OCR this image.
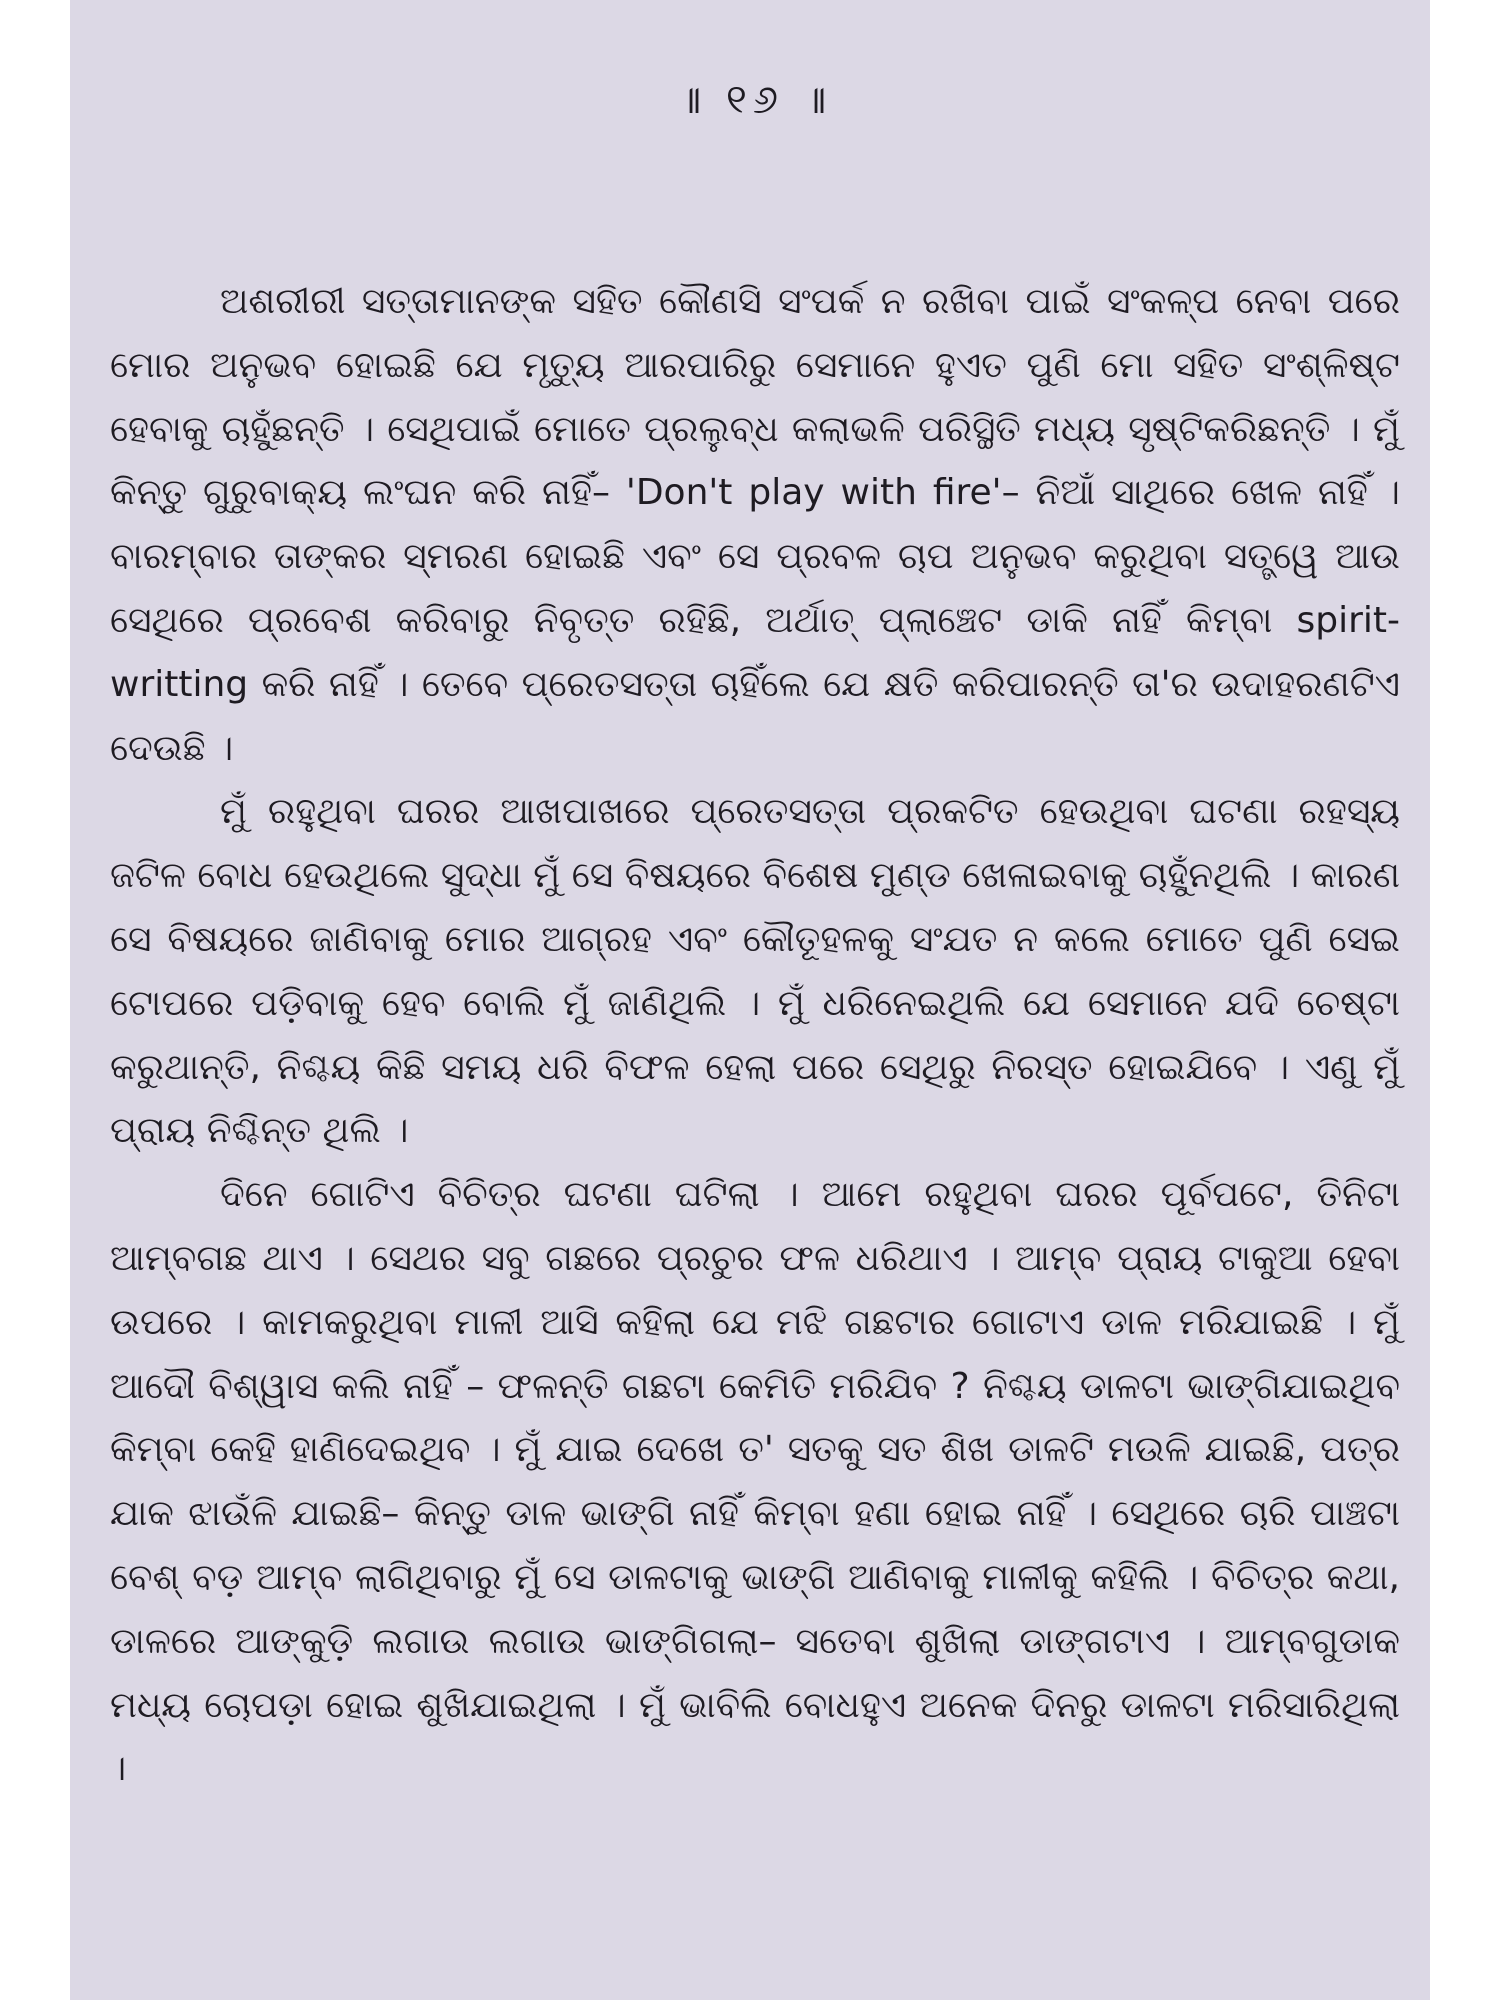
॥ ୧୬ ॥

ଅଶରୀରୀ ସତ୍ତାମାନଙ୍କ ସହିତ କୌଣସି ସଂପର୍କ ନ ରଖିବା ପାଇଁ ସଂକଳ୍ପ ନେବା ପରେ ମୋର ଅନୁଭବ ହୋଇଛି ଯେ ମୃତ୍ୟୁ ଆରପାରିରୁ ସେମାନେ ହୁଏତ ପୁଣି ମୋ ସହିତ ସଂଶ୍ଳିଷ୍ଟ ହେବାକୁ ଚାହୁଁଛନ୍ତି । ସେଥିପାଇଁ ମୋତେ ପ୍ରଲୁବ୍ଧ କଲାଭଳି ପରିସ୍ଥିତି ମଧ୍ୟ ସୃଷ୍ଟିକରିଛନ୍ତି । ମୁଁ କିନ୍ତୁ ଗୁରୁବାକ୍ୟ ଲଂଘନ କରି ନାହିଁ– 'Don't play with fire'– ନିଆଁ ସାଥିରେ ଖେଳ ନାହିଁ । ବାରମ୍ବାର ତାଙ୍କର ସ୍ମରଣ ହୋଇଛି ଏବଂ ସେ ପ୍ରବଳ ଚାପ ଅନୁଭବ କରୁଥିବା ସତ୍ତ୍ୱେ ଆଉ ସେଥିରେ ପ୍ରବେଶ କରିବାରୁ ନିବୃତ୍ତ ରହିଛି, ଅର୍ଥାତ୍ ପ୍ଲାଞ୍ଚେଟ ଡାକି ନାହିଁ କିମ୍ବା spirit-writting କରି ନାହିଁ । ତେବେ ପ୍ରେତସତ୍ତା ଚାହିଁଲେ ଯେ କ୍ଷତି କରିପାରନ୍ତି ତା'ର ଉଦାହରଣଟିଏ ଦେଉଛି ।

ମୁଁ ରହୁଥିବା ଘରର ଆଖପାଖରେ ପ୍ରେତସତ୍ତା ପ୍ରକଟିତ ହେଉଥିବା ଘଟଣା ରହସ୍ୟ ଜଟିଳ ବୋଧ ହେଉଥିଲେ ସୁଦ୍ଧା ମୁଁ ସେ ବିଷୟରେ ବିଶେଷ ମୁଣ୍ଡ ଖେଳାଇବାକୁ ଚାହୁଁନଥିଲି । କାରଣ ସେ ବିଷୟରେ ଜାଣିବାକୁ ମୋର ଆଗ୍ରହ ଏବଂ କୌତୂହଳକୁ ସଂଯତ ନ କଲେ ମୋତେ ପୁଣି ସେଇ ଟୋପରେ ପଡ଼ିବାକୁ ହେବ ବୋଲି ମୁଁ ଜାଣିଥିଲି । ମୁଁ ଧରିନେଇଥିଲି ଯେ ସେମାନେ ଯଦି ଚେଷ୍ଟା କରୁଥାନ୍ତି, ନିଶ୍ଚୟ କିଛି ସମୟ ଧରି ବିଫଳ ହେଲା ପରେ ସେଥିରୁ ନିରସ୍ତ ହୋଇଯିବେ । ଏଣୁ ମୁଁ ପ୍ରାୟ ନିଶ୍ଚିନ୍ତ ଥିଲି ।

ଦିନେ ଗୋଟିଏ ବିଚିତ୍ର ଘଟଣା ଘଟିଲା । ଆମେ ରହୁଥିବା ଘରର ପୂର୍ବପଟେ, ତିନିଟା ଆମ୍ବଗଛ ଥାଏ । ସେଥର ସବୁ ଗଛରେ ପ୍ରଚୁର ଫଳ ଧରିଥାଏ । ଆମ୍ବ ପ୍ରାୟ ଟାକୁଆ ହେବା ଉପରେ । କାମକରୁଥିବା ମାଳୀ ଆସି କହିଲା ଯେ ମଝି ଗଛଟାର ଗୋଟାଏ ଡାଳ ମରିଯାଇଛି । ମୁଁ ଆଦୌ ବିଶ୍ୱାସ କଲି ନାହିଁ – ଫଳନ୍ତି ଗଛଟା କେମିତି ମରିଯିବ ? ନିଶ୍ଚୟ ଡାଳଟା ଭାଙ୍ଗିଯାଇଥିବ କିମ୍ବା କେହି ହାଣିଦେଇଥିବ । ମୁଁ ଯାଇ ଦେଖେ ତ' ସତକୁ ସତ ଶିଖ ଡାଳଟି ମଉଳି ଯାଇଛି, ପତ୍ର ଯାକ ଝାଉଁଳି ଯାଇଛି– କିନ୍ତୁ ଡାଳ ଭାଙ୍ଗି ନାହିଁ କିମ୍ବା ହଣା ହୋଇ ନାହିଁ । ସେଥିରେ ଚାରି ପାଞ୍ଚଟା ବେଶ୍ ବଡ଼ ଆମ୍ବ ଲାଗିଥିବାରୁ ମୁଁ ସେ ଡାଳଟାକୁ ଭାଙ୍ଗି ଆଣିବାକୁ ମାଳୀକୁ କହିଲି । ବିଚିତ୍ର କଥା, ଡାଳରେ ଆଙ୍କୁଡ଼ି ଲଗାଉ ଲଗାଉ ଭାଙ୍ଗିଗଲା– ସତେବା ଶୁଖିଲା ଡାଙ୍ଗଟାଏ । ଆମ୍ବଗୁଡାକ ମଧ୍ୟ ଚୋପଡ଼ା ହୋଇ ଶୁଖିଯାଇଥିଲା । ମୁଁ ଭାବିଲି ବୋଧହୁଏ ଅନେକ ଦିନରୁ ଡାଳଟା ମରିସାରିଥିଲା ।
